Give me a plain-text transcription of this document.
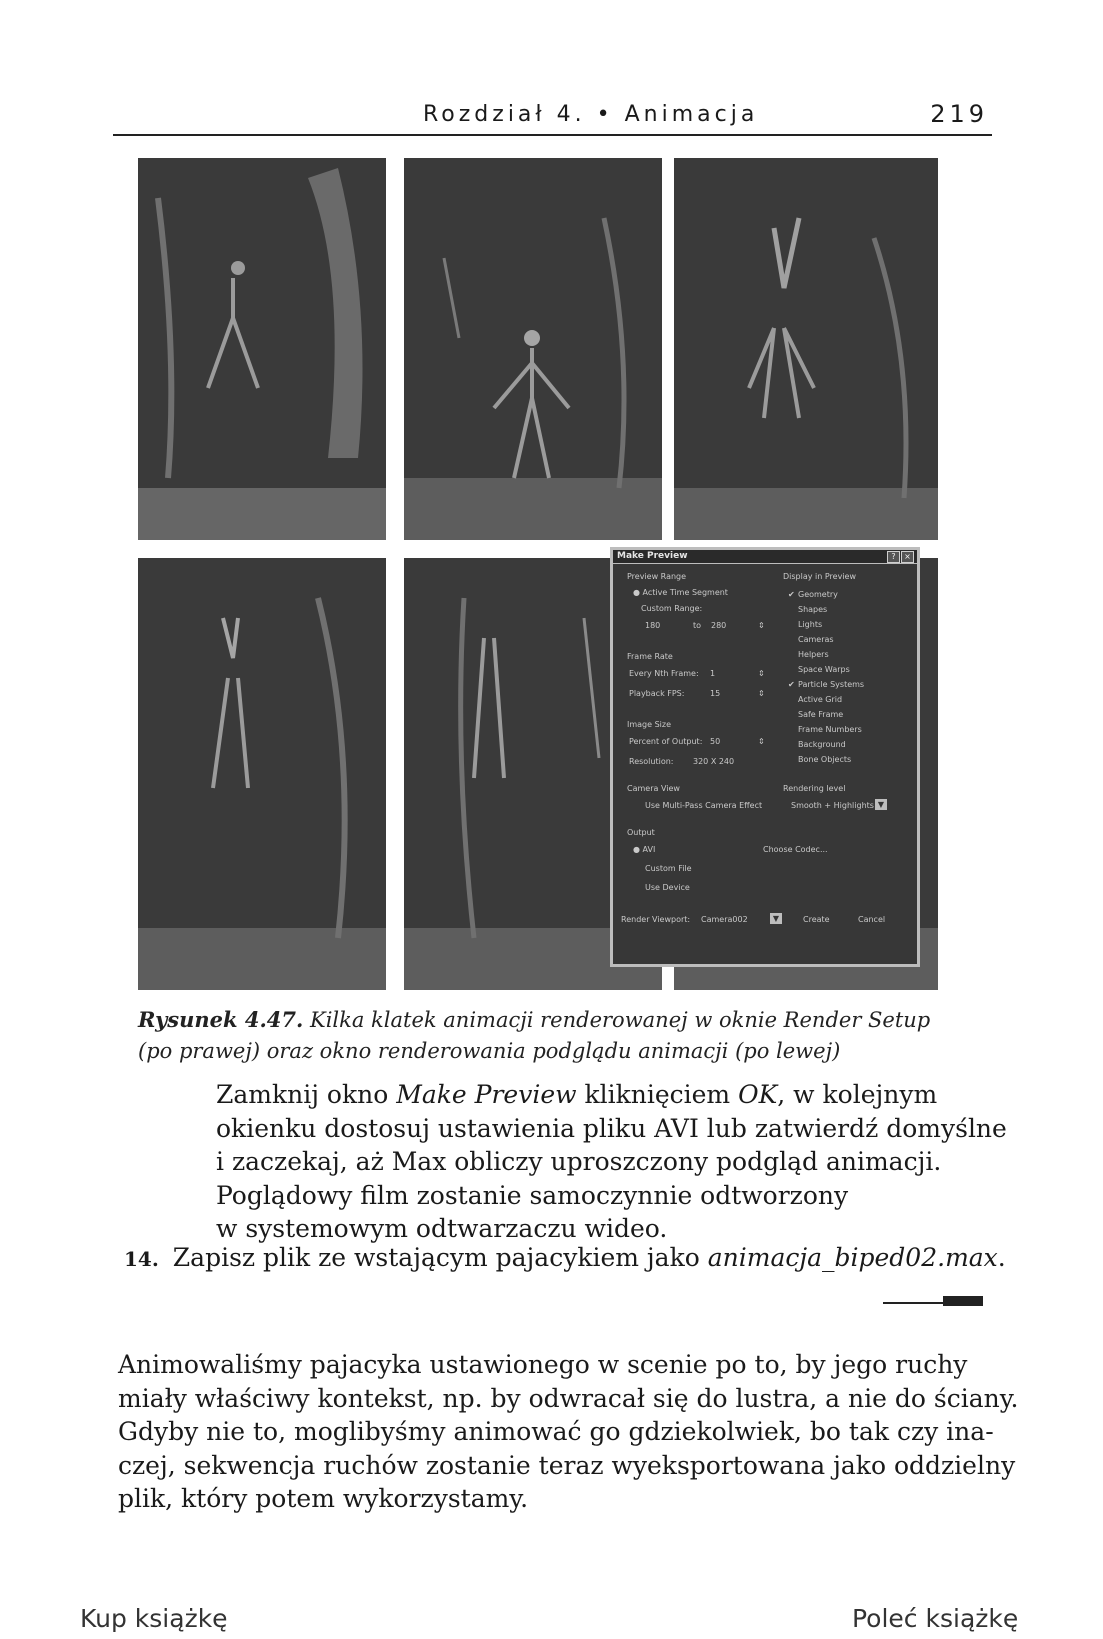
Rozdział 4. • Animacja	219
Make Preview	?	×
Preview Range
● Active Time Segment
Custom Range:
180	to 280	⇕
Frame Rate
Every Nth Frame: 1	⇕
Playback FPS:	15	⇕
Image Size
Percent of Output: 50	⇕
Resolution: 320 X 240
Camera View
Use Multi-Pass Camera Effect
Output
● AVI
Custom File
Use Device
Choose Codec...
Display in Preview
✔ Geometry
Shapes
Lights
Cameras
Helpers
Space Warps
✔ Particle Systems
Active Grid
Safe Frame
Frame Numbers
Background
Bone Objects
Rendering level
Smooth + Highlights ▼
Render Viewport: Camera002	▼	Create	Cancel
Rysunek 4.47. Kilka klatek animacji renderowanej w oknie Render Setup
(po prawej) oraz okno renderowania podglądu animacji (po lewej)
Zamknij okno Make Preview kliknięciem OK, w kolejnym
okienku dostosuj ustawienia pliku AVI lub zatwierdź domyślne
i zaczekaj, aż Max obliczy uproszczony podgląd animacji.
Poglądowy film zostanie samoczynnie odtworzony
w systemowym odtwarzaczu wideo.
14. Zapisz plik ze wstającym pajacykiem jako animacja_biped02.max.
Animowaliśmy pajacyka ustawionego w scenie po to, by jego ruchy
miały właściwy kontekst, np. by odwracał się do lustra, a nie do ściany.
Gdyby nie to, moglibyśmy animować go gdziekolwiek, bo tak czy ina-
czej, sekwencja ruchów zostanie teraz wyeksportowana jako oddzielny
plik, który potem wykorzystamy.
Kup książkę	Poleć książkę
